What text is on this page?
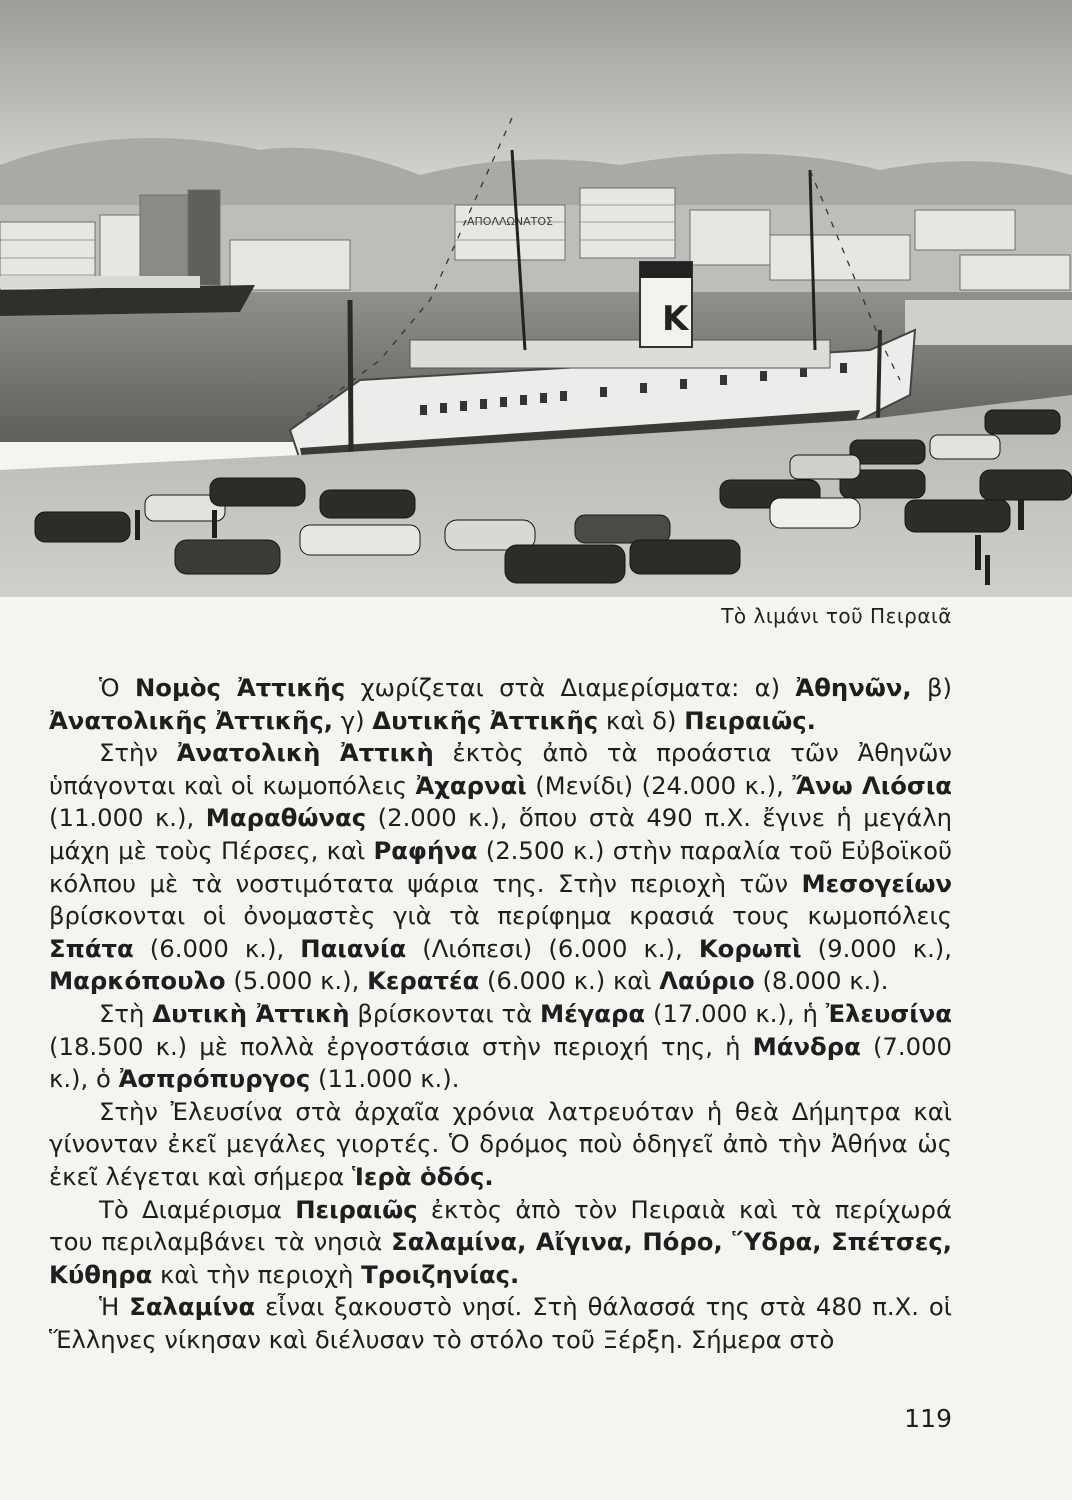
ΑΠΟΛΛΩΝΑΤΟΣ
K
Τὸ λιμάνι τοῦ Πειραιᾶ

Ὁ Νομὸς Ἀττικῆς χωρίζεται στὰ Διαμερίσματα: α) Ἀθηνῶν, β) Ἀνατολικῆς Ἀττικῆς, γ) Δυτικῆς Ἀττικῆς καὶ δ) Πειραιῶς.

Στὴν Ἀνατολικὴ Ἀττικὴ ἐκτὸς ἀπὸ τὰ προάστια τῶν Ἀθηνῶν ὑπάγονται καὶ οἱ κωμοπόλεις Ἀχαρναὶ (Μενίδι) (24.000 κ.), Ἄνω Λιόσια (11.000 κ.), Μαραθώνας (2.000 κ.), ὅπου στὰ 490 π.Χ. ἔγινε ἡ μεγάλη μάχη μὲ τοὺς Πέρσες, καὶ Ραφήνα (2.500 κ.) στὴν παραλία τοῦ Εὐβοϊκοῦ κόλπου μὲ τὰ νοστιμότατα ψάρια της. Στὴν περιοχὴ τῶν Μεσογείων βρίσκονται οἱ ὀνομαστὲς γιὰ τὰ περίφημα κρασιά τους κωμοπόλεις Σπάτα (6.000 κ.), Παιανία (Λιόπεσι) (6.000 κ.), Κορωπὶ (9.000 κ.), Μαρκόπουλο (5.000 κ.), Κερατέα (6.000 κ.) καὶ Λαύριο (8.000 κ.).

Στὴ Δυτικὴ Ἀττικὴ βρίσκονται τὰ Μέγαρα (17.000 κ.), ἡ Ἐλευσίνα (18.500 κ.) μὲ πολλὰ ἐργοστάσια στὴν περιοχή της, ἡ Μάνδρα (7.000 κ.), ὁ Ἀσπρόπυργος (11.000 κ.).

Στὴν Ἐλευσίνα στὰ ἀρχαῖα χρόνια λατρευόταν ἡ θεὰ Δήμητρα καὶ γίνονταν ἐκεῖ μεγάλες γιορτές. Ὁ δρόμος ποὺ ὁδηγεῖ ἀπὸ τὴν Ἀθήνα ὡς ἐκεῖ λέγεται καὶ σήμερα Ἱερὰ ὁδός.

Τὸ Διαμέρισμα Πειραιῶς ἐκτὸς ἀπὸ τὸν Πειραιὰ καὶ τὰ περίχωρά του περιλαμβάνει τὰ νησιὰ Σαλαμίνα, Αἴγινα, Πόρο, Ὕδρα, Σπέτσες, Κύθηρα καὶ τὴν περιοχὴ Τροιζηνίας.

Ἡ Σαλαμίνα εἶναι ξακουστὸ νησί. Στὴ θάλασσά της στὰ 480 π.Χ. οἱ Ἕλληνες νίκησαν καὶ διέλυσαν τὸ στόλο τοῦ Ξέρξη. Σήμερα στὸ

119
